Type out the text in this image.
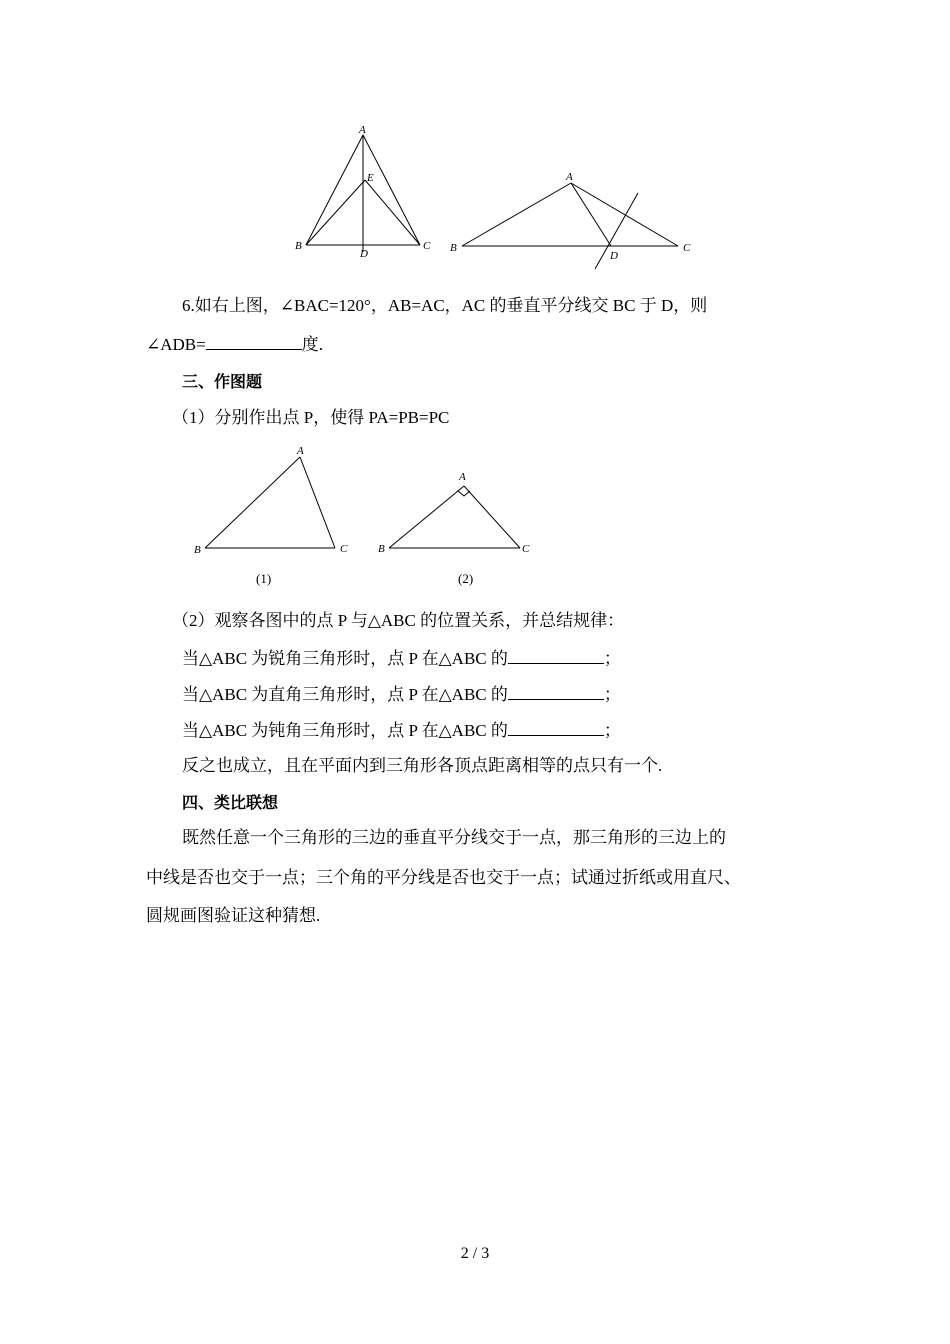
A
E
B
D
C
A
B
D
C
6.如右上图，∠BAC=120°，AB=AC，AC 的垂直平分线交 BC 于 D，则
∠ADB=	度.
三、作图题
（1）分别作出点 P，使得 PA=PB=PC
A
B	C
(1)
A
B	C
(2)
（2）观察各图中的点 P 与△ABC 的位置关系，并总结规律：
当△ABC 为锐角三角形时，点 P 在△ABC 的	；
当△ABC 为直角三角形时，点 P 在△ABC 的	；
当△ABC 为钝角三角形时，点 P 在△ABC 的	；
反之也成立，且在平面内到三角形各顶点距离相等的点只有一个.
四、类比联想
既然任意一个三角形的三边的垂直平分线交于一点，那三角形的三边上的
中线是否也交于一点；三个角的平分线是否也交于一点；试通过折纸或用直尺、
圆规画图验证这种猜想.
2 / 3
